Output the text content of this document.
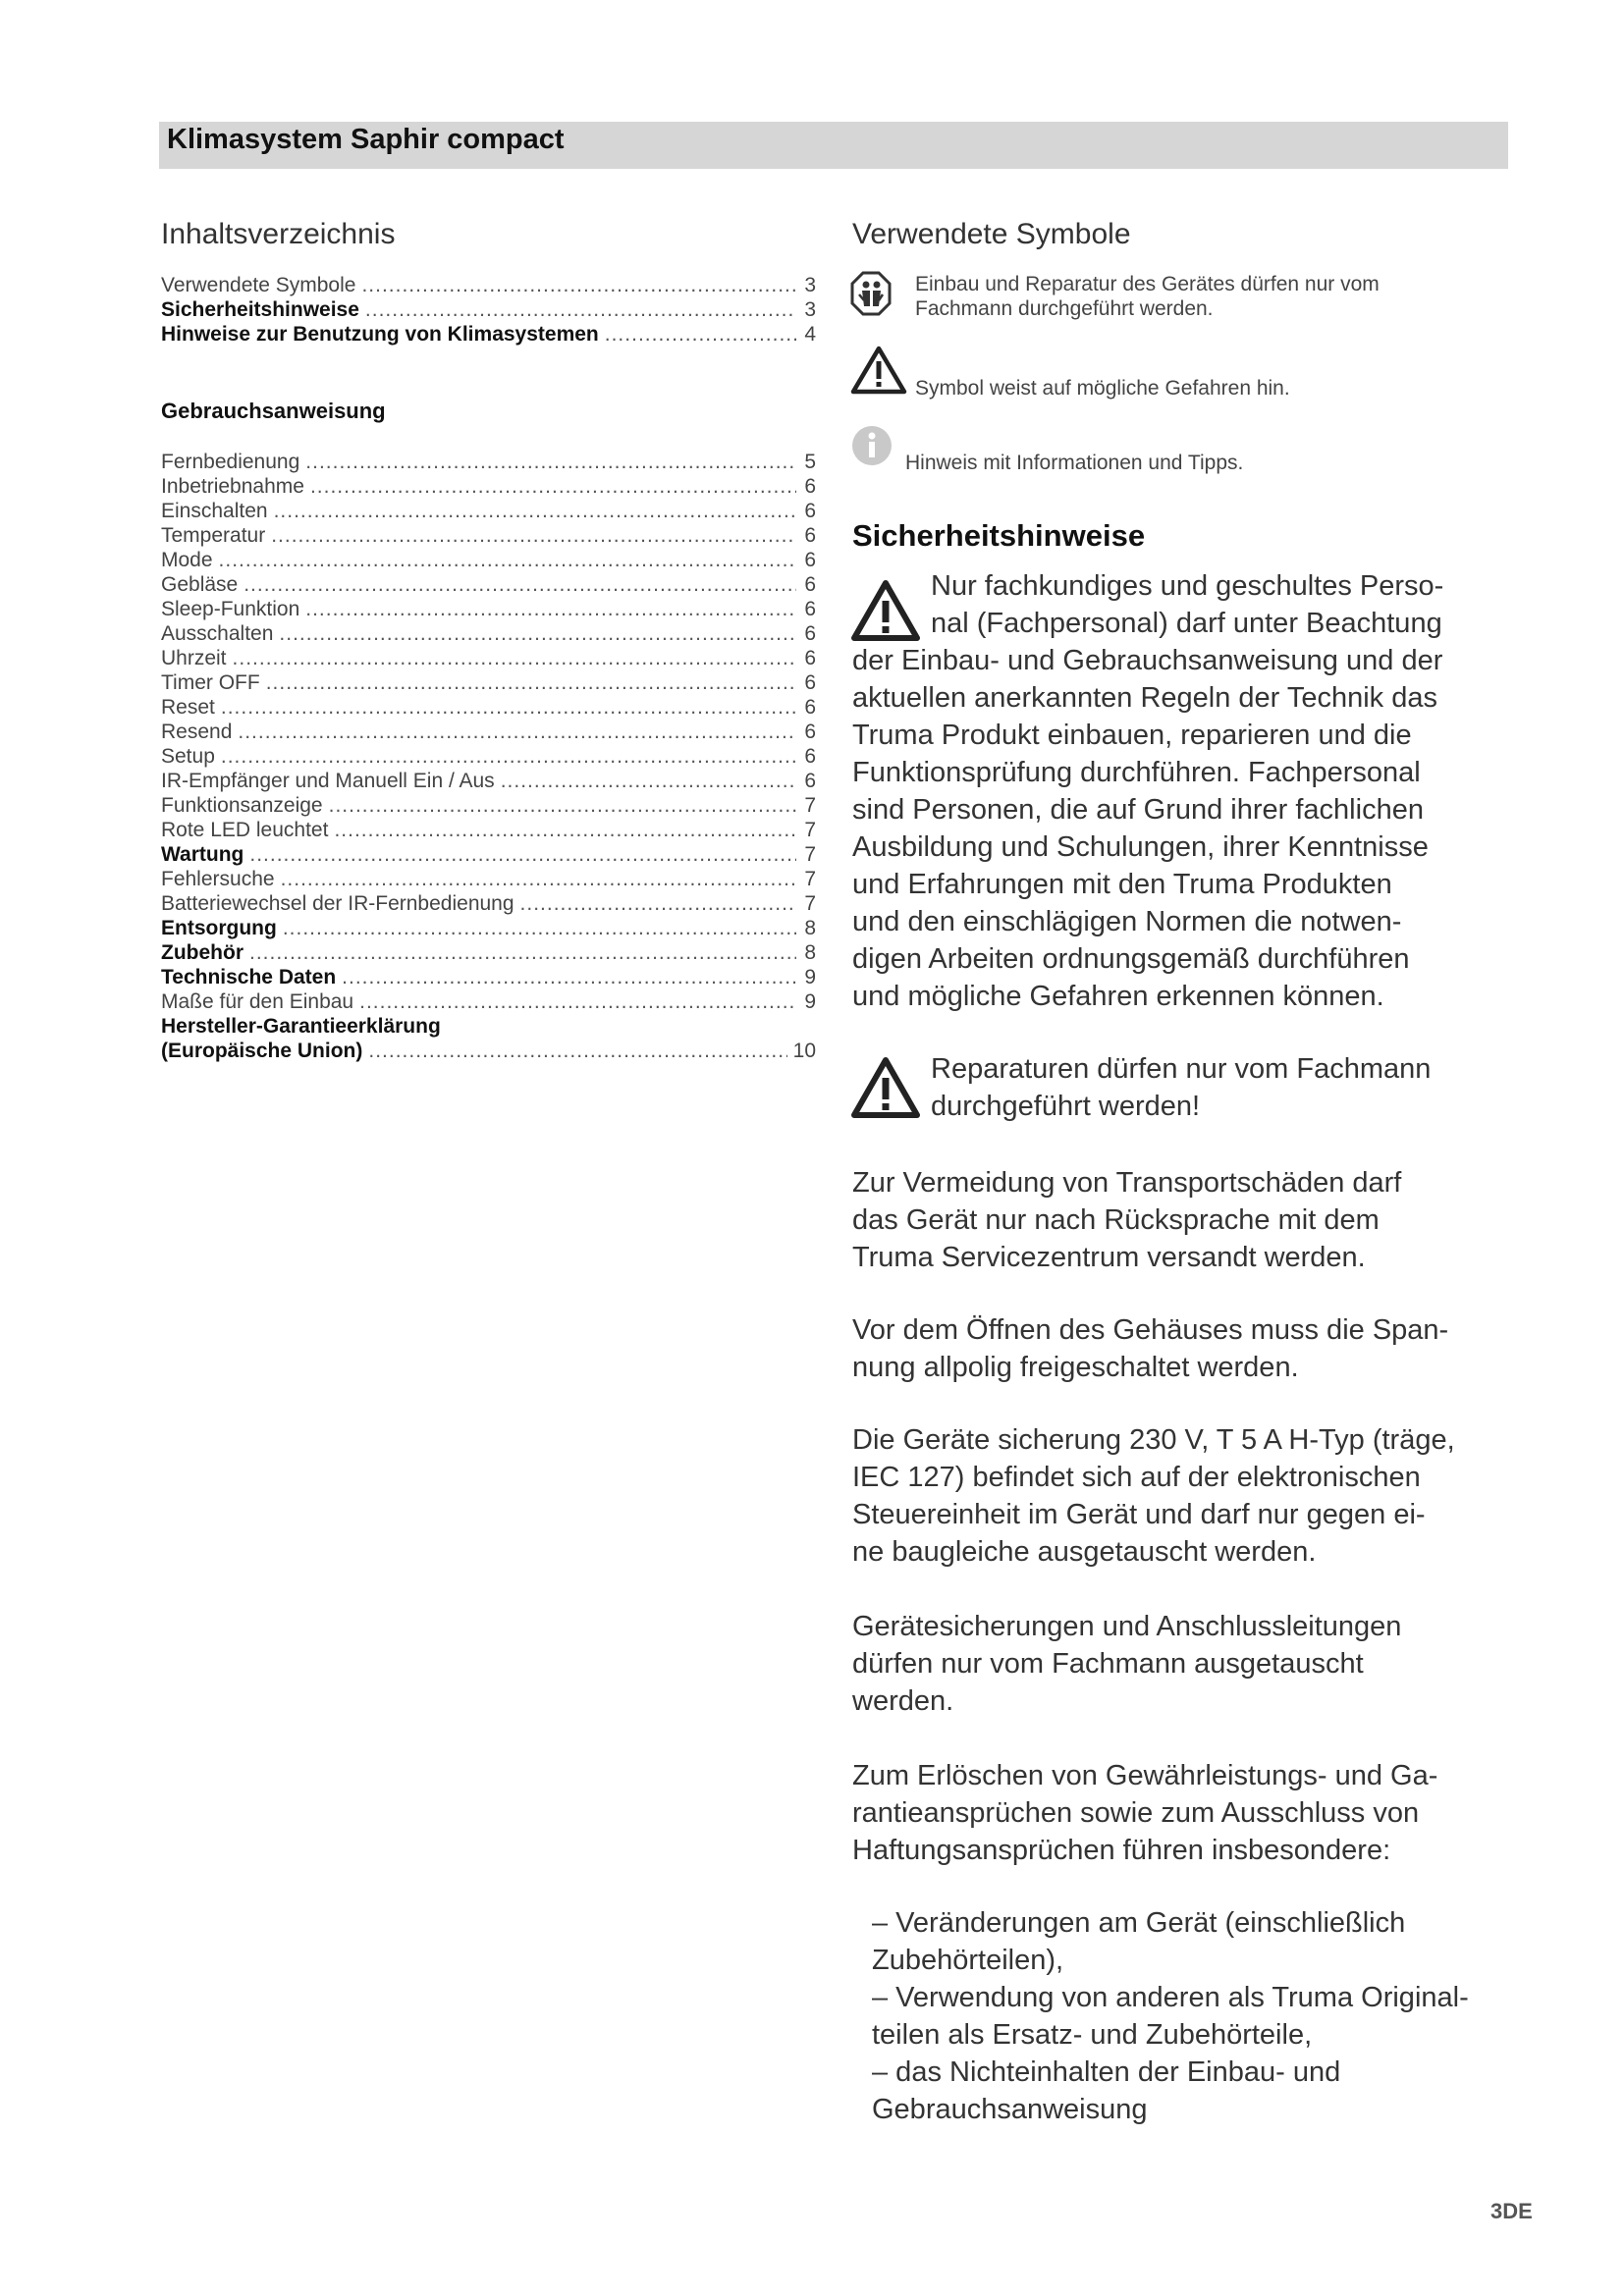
Klimasystem Saphir compact
Inhaltsverzeichnis
Verwendete Symbole .....	3
Sicherheitshinweise .....	3
Hinweise zur Benutzung von Klimasystemen .....	4
Gebrauchsanweisung
Fernbedienung .....	5
Inbetriebnahme .....	6
Einschalten .....	6
Temperatur .....	6
Mode .....	6
Gebläse .....	6
Sleep-Funktion .....	6
Ausschalten .....	6
Uhrzeit .....	6
Timer OFF .....	6
Reset .....	6
Resend .....	6
Setup .....	6
IR-Empfänger und Manuell Ein / Aus .....	6
Funktionsanzeige .....	7
Rote LED leuchtet .....	7
Wartung .....	7
Fehlersuche .....	7
Batteriewechsel der IR-Fernbedienung .....	7
Entsorgung .....	8
Zubehör .....	8
Technische Daten .....	9
Maße für den Einbau .....	9
Hersteller-Garantieerklärung
(Europäische Union) .....	10
Verwendete Symbole
Einbau und Reparatur des Gerätes dürfen nur vom
Fachmann durchgeführt werden.
Symbol weist auf mögliche Gefahren hin.
Hinweis mit Informationen und Tipps.
Sicherheitshinweise
Nur fachkundiges und geschultes Perso-
nal (Fachpersonal) darf unter Beachtung
der Einbau- und Gebrauchsanweisung und der
aktuellen anerkannten Regeln der Technik das
Truma Produkt einbauen, reparieren und die
Funktionsprüfung durchführen. Fachpersonal
sind Personen, die auf Grund ihrer fachlichen
Ausbildung und Schulungen, ihrer Kenntnisse
und Erfahrungen mit den Truma Produkten
und den einschlägigen Normen die notwen-
digen Arbeiten ordnungsgemäß durchführen
und mögliche Gefahren erkennen können.
Reparaturen dürfen nur vom Fachmann
durchgeführt werden!
Zur Vermeidung von Transportschäden darf
das Gerät nur nach Rücksprache mit dem
Truma Servicezentrum versandt werden.
Vor dem Öffnen des Gehäuses muss die Span-
nung allpolig freigeschaltet werden.
Die Geräte sicherung 230 V, T 5 A H-Typ (träge,
IEC 127) befindet sich auf der elektronischen
Steuereinheit im Gerät und darf nur gegen ei-
ne baugleiche ausgetauscht werden.
Gerätesicherungen und Anschlussleitungen
dürfen nur vom Fachmann ausgetauscht
werden.
Zum Erlöschen von Gewährleistungs- und Ga-
rantieansprüchen sowie zum Ausschluss von
Haftungsansprüchen führen insbesondere:
– Veränderungen am Gerät (einschließlich
Zubehörteilen),
– Verwendung von anderen als Truma Original-
teilen als Ersatz- und Zubehörteile,
– das Nichteinhalten der Einbau- und
Gebrauchsanweisung
3DE
